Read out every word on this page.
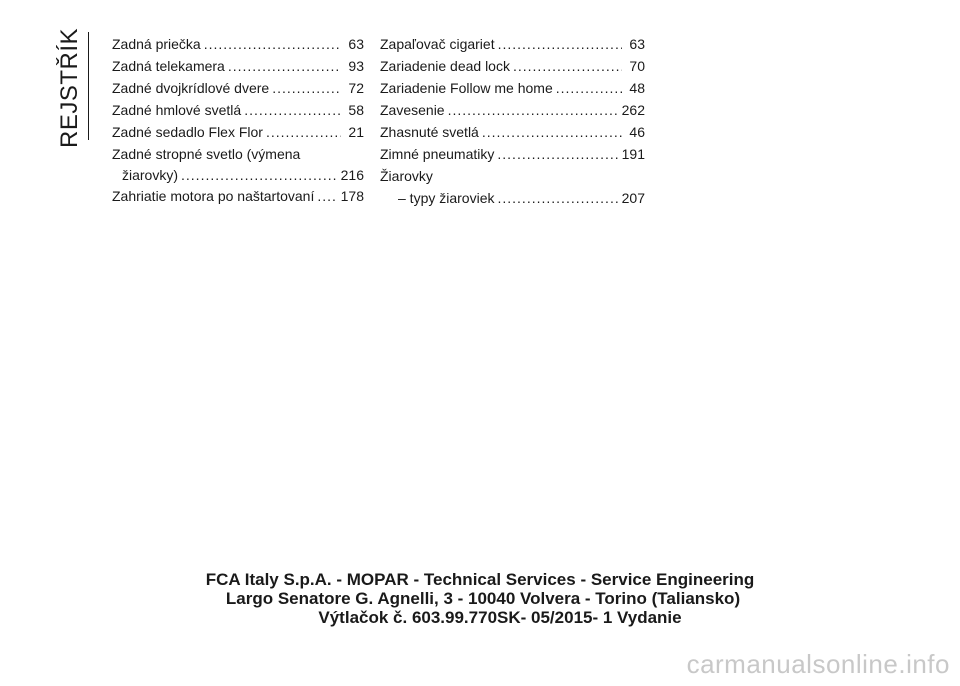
REJSTŘÍK Zadná priečka .....	63
Zadná telekamera .....	93
Zadné dvojkrídlové dvere .....	72
Zadné hmlové svetlá .....	58
Zadné sedadlo Flex Flor .....	21
Zadné stropné svetlo (výmena
žiarovky) .....	216
Zahriatie motora po naštartovaní ..... 178
Zapaľovač cigariet .....	63
Zariadenie dead lock .....	70
Zariadenie Follow me home .....	48
Zavesenie .....	262
Zhasnuté svetlá .....	46
Zimné pneumatiky .....	191
Žiarovky
– typy žiaroviek .....	207
FCA Italy S.p.A. - MOPAR - Technical Services - Service Engineering
Largo Senatore G. Agnelli, 3 - 10040 Volvera - Torino (Taliansko)
Výtlačok č. 603.99.770SK- 05/2015- 1 Vydanie
carmanualsonline.info
